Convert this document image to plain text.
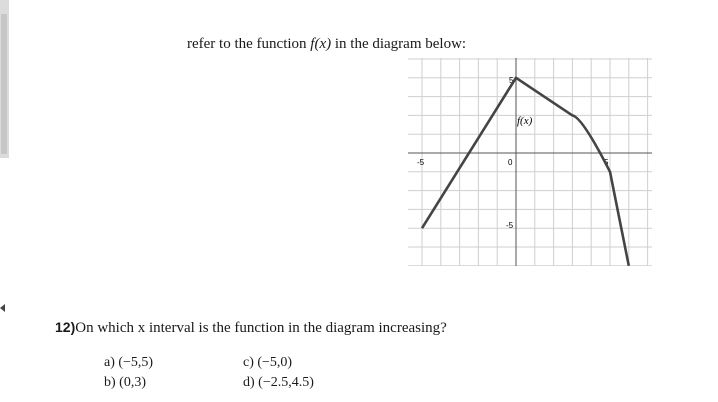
refer to the function f(x) in the diagram below:
-5	0	5
5
-5
f(x)
12)On which x interval is the function in the diagram increasing?
a) (−5,5)
b) (0,3)
c) (−5,0)
d) (−2.5,4.5)
